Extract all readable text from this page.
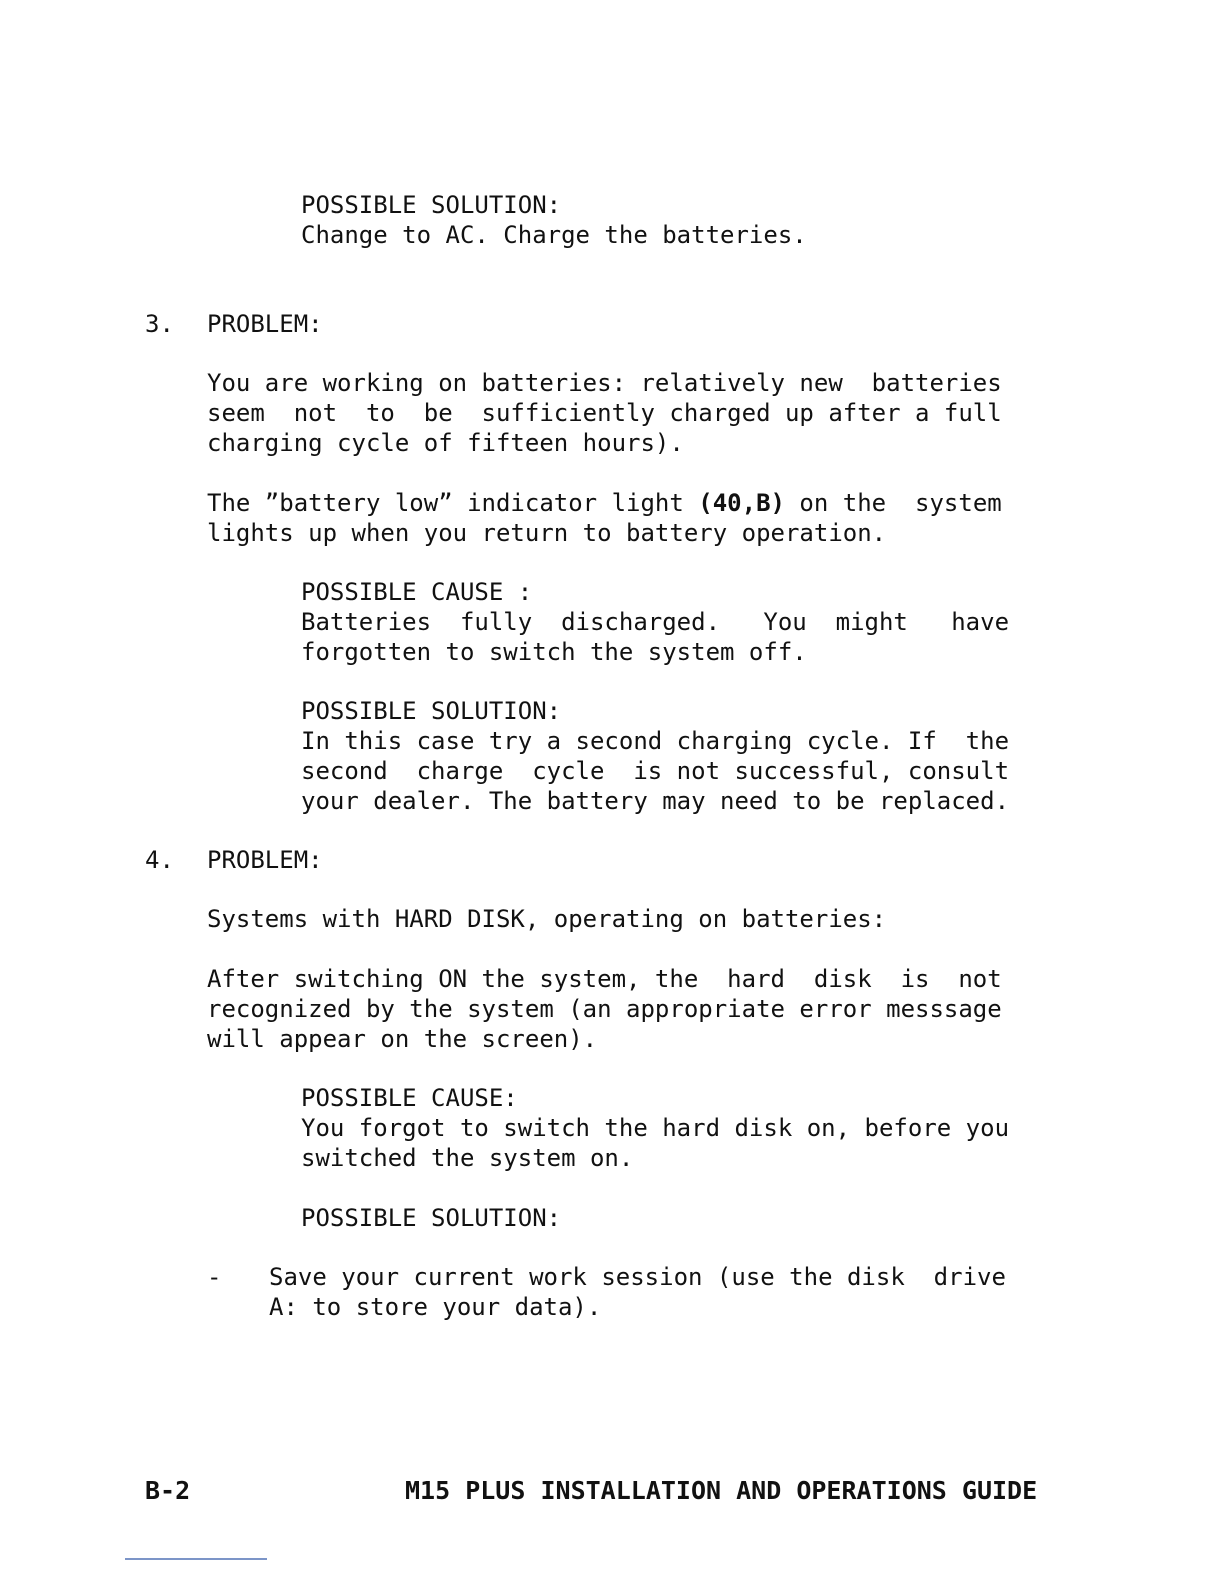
POSSIBLE SOLUTION:
Change to AC. Charge the batteries.
3. PROBLEM:
You are working on batteries: relatively new  batteries
seem  not  to  be  sufficiently charged up after a full
charging cycle of fifteen hours).
The ”battery low” indicator light (40,B) on the  system
lights up when you return to battery operation.
POSSIBLE CAUSE :
Batteries  fully  discharged.   You  might   have
forgotten to switch the system off.
POSSIBLE SOLUTION:
In this case try a second charging cycle. If  the
second  charge  cycle  is not successful, consult
your dealer. The battery may need to be replaced.
4. PROBLEM:
Systems with HARD DISK, operating on batteries:
After switching ON the system, the  hard  disk  is  not
recognized by the system (an appropriate error messsage
will appear on the screen).
POSSIBLE CAUSE:
You forgot to switch the hard disk on, before you
switched the system on.
POSSIBLE SOLUTION:
- Save your current work session (use the disk  drive
A: to store your data).
B-2	M15 PLUS INSTALLATION AND OPERATIONS GUIDE
